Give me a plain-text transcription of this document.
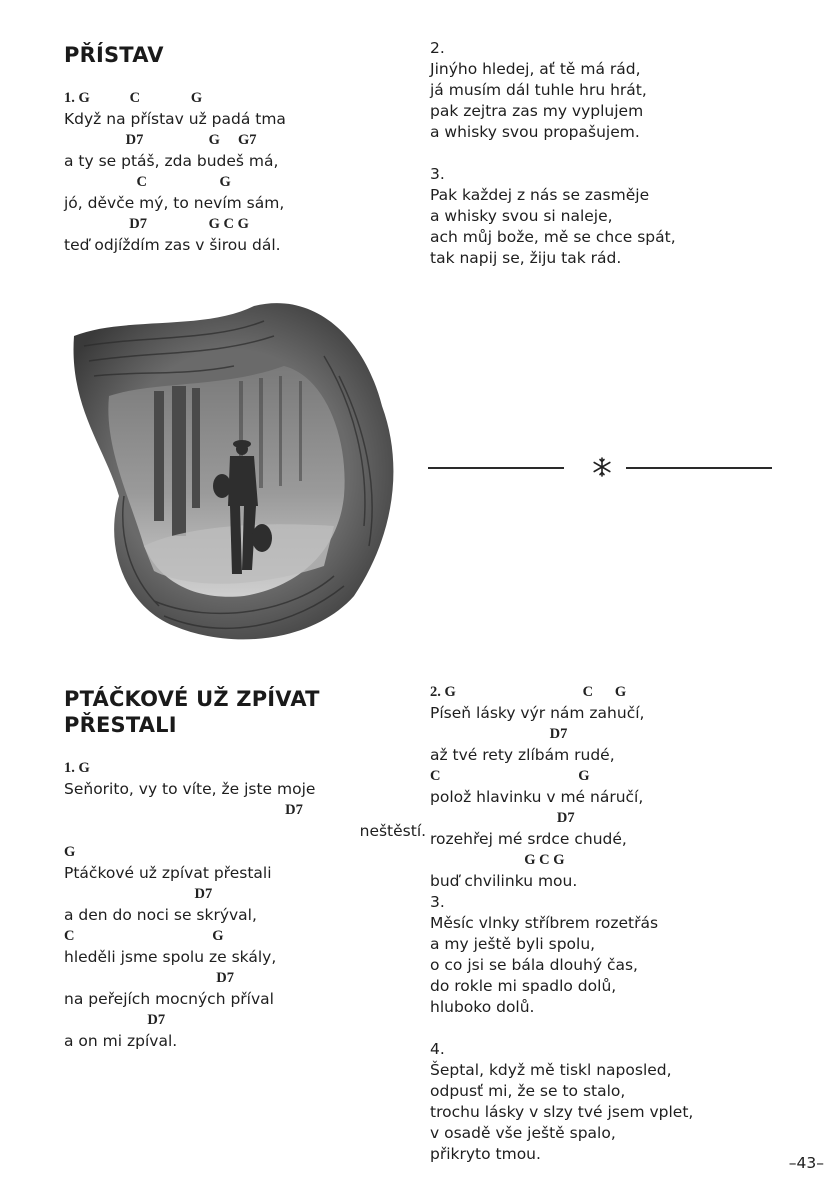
PŘÍSTAV
1. G           C              G
Když na přístav už padá tma
D7                  G     G7
a ty se ptáš, zda budeš má,
C                    G
jó, děvče mý, to nevím sám,
D7                 G C G
teď odjíždím zas v širou dál.
2.
Jinýho hledej, ať tě má rád,
já musím dál tuhle hru hrát,
pak zejtra zas my vyplujem
a whisky svou propašujem.

3.
Pak každej z nás se zasměje
a whisky svou si naleje,
ach můj bože, mě se chce spát,
tak napij se, žiju tak rád.
PTÁČKOVÉ UŽ ZPÍVAT
PŘESTALI
1. G
Seňorito, vy to víte, že jste moje
D7
neštěstí.
G
Ptáčkové už zpívat přestali
D7
a den do noci se skrýval,
C                                      G
hleděli jsme spolu ze skály,
D7
na peřejích mocných příval
D7
a on mi zpíval.
2. G                                   C      G
Píseň lásky výr nám zahučí,
D7
až tvé rety zlíbám rudé,
C                                      G
polož hlavinku v mé náručí,
D7
rozehřej mé srdce chudé,
G C G
buď chvilinku mou.
3.
Měsíc vlnky stříbrem rozetřás
a my ještě byli spolu,
o co jsi se bála dlouhý čas,
do rokle mi spadlo dolů,
hluboko dolů.

4.
Šeptal, když mě tiskl naposled,
odpusť mi, že se to stalo,
trochu lásky v slzy tvé jsem vplet,
v osadě vše ještě spalo,
přikryto tmou.	–43–
